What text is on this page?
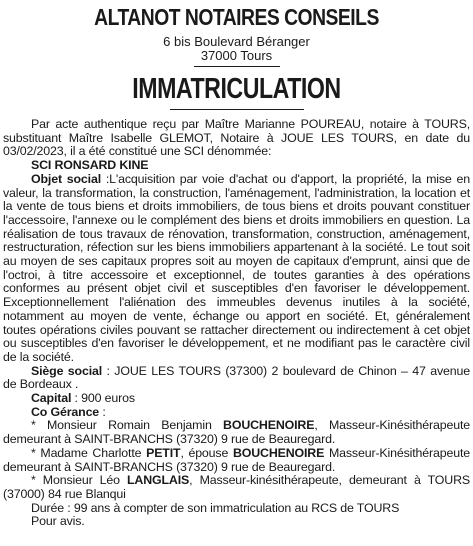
ALTANOT NOTAIRES CONSEILS
6 bis Boulevard Béranger
37000 Tours
IMMATRICULATION

Par acte authentique reçu par Maître Marianne POUREAU, notaire à TOURS, substituant Maître Isabelle GLEMOT, Notaire à JOUE LES TOURS, en date du 03/02/2023, il a été constitué une SCI dénommée:

SCI RONSARD KINE

Objet social :L'acquisition par voie d'achat ou d'apport, la propriété, la mise en valeur, la transformation, la construction, l'aménagement, l'administration, la location et la vente de tous biens et droits immobiliers, de tous biens et droits pouvant constituer l'accessoire, l'annexe ou le complément des biens et droits immobiliers en question. La réalisation de tous travaux de rénovation, transformation, construction, aménagement, restructuration, réfection sur les biens immobiliers appartenant à la société. Le tout soit au moyen de ses capitaux propres soit au moyen de capitaux d'emprunt, ainsi que de l'octroi, à titre accessoire et exceptionnel, de toutes garanties à des opérations conformes au présent objet civil et susceptibles d'en favoriser le développement. Exceptionnellement l'aliénation des immeubles devenus inutiles à la société, notamment au moyen de vente, échange ou apport en société. Et, généralement toutes opérations civiles pouvant se rattacher directement ou indirectement à cet objet ou susceptibles d'en favoriser le développement, et ne modifiant pas le caractère civil de la société.

Siège social : JOUE LES TOURS (37300) 2 boulevard de Chinon – 47 avenue de Bordeaux .

Capital : 900 euros

Co Gérance :

* Monsieur Romain Benjamin BOUCHENOIRE, Masseur-Kinésithérapeute demeurant à SAINT-BRANCHS (37320) 9 rue de Beauregard.

* Madame Charlotte PETIT, épouse BOUCHENOIRE Masseur-Kinésithérapeute demeurant à SAINT-BRANCHS (37320) 9 rue de Beauregard.

* Monsieur Léo LANGLAIS, Masseur-kinésithérapeute, demeurant à TOURS (37000) 84 rue Blanqui

Durée : 99 ans à compter de son immatriculation au RCS de TOURS

Pour avis.
